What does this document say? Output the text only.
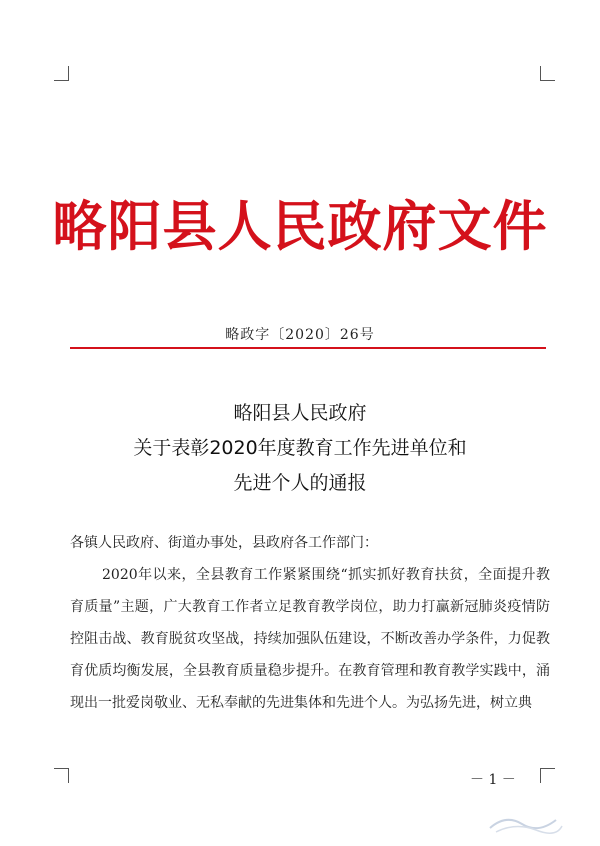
略阳县人民政府文件
略政字〔2020〕26号
略阳县人民政府
关于表彰2020年度教育工作先进单位和
先进个人的通报
各镇人民政府、街道办事处，县政府各工作部门：
2020年以来，全县教育工作紧紧围绕“抓实抓好教育扶贫，全面提升教育质量”主题，广大教育工作者立足教育教学岗位，助力打赢新冠肺炎疫情防控阻击战、教育脱贫攻坚战，持续加强队伍建设，不断改善办学条件，力促教育优质均衡发展，全县教育质量稳步提升。在教育管理和教育教学实践中，涌现出一批爱岗敬业、无私奉献的先进集体和先进个人。为弘扬先进，树立典
－ 1 －
